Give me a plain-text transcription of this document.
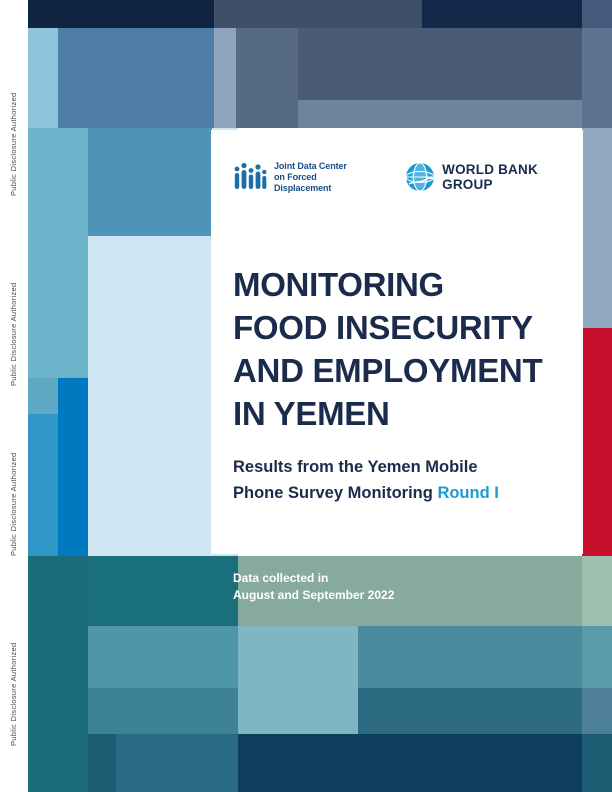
Public Disclosure Authorized
Public Disclosure Authorized
Public Disclosure Authorized
Public Disclosure Authorized
Joint Data Center
on Forced Displacement
WORLD BANK GROUP
MONITORING
FOOD INSECURITY
AND EMPLOYMENT
IN YEMEN
Results from the Yemen Mobile
Phone Survey Monitoring Round I
Data collected in
August and September 2022
